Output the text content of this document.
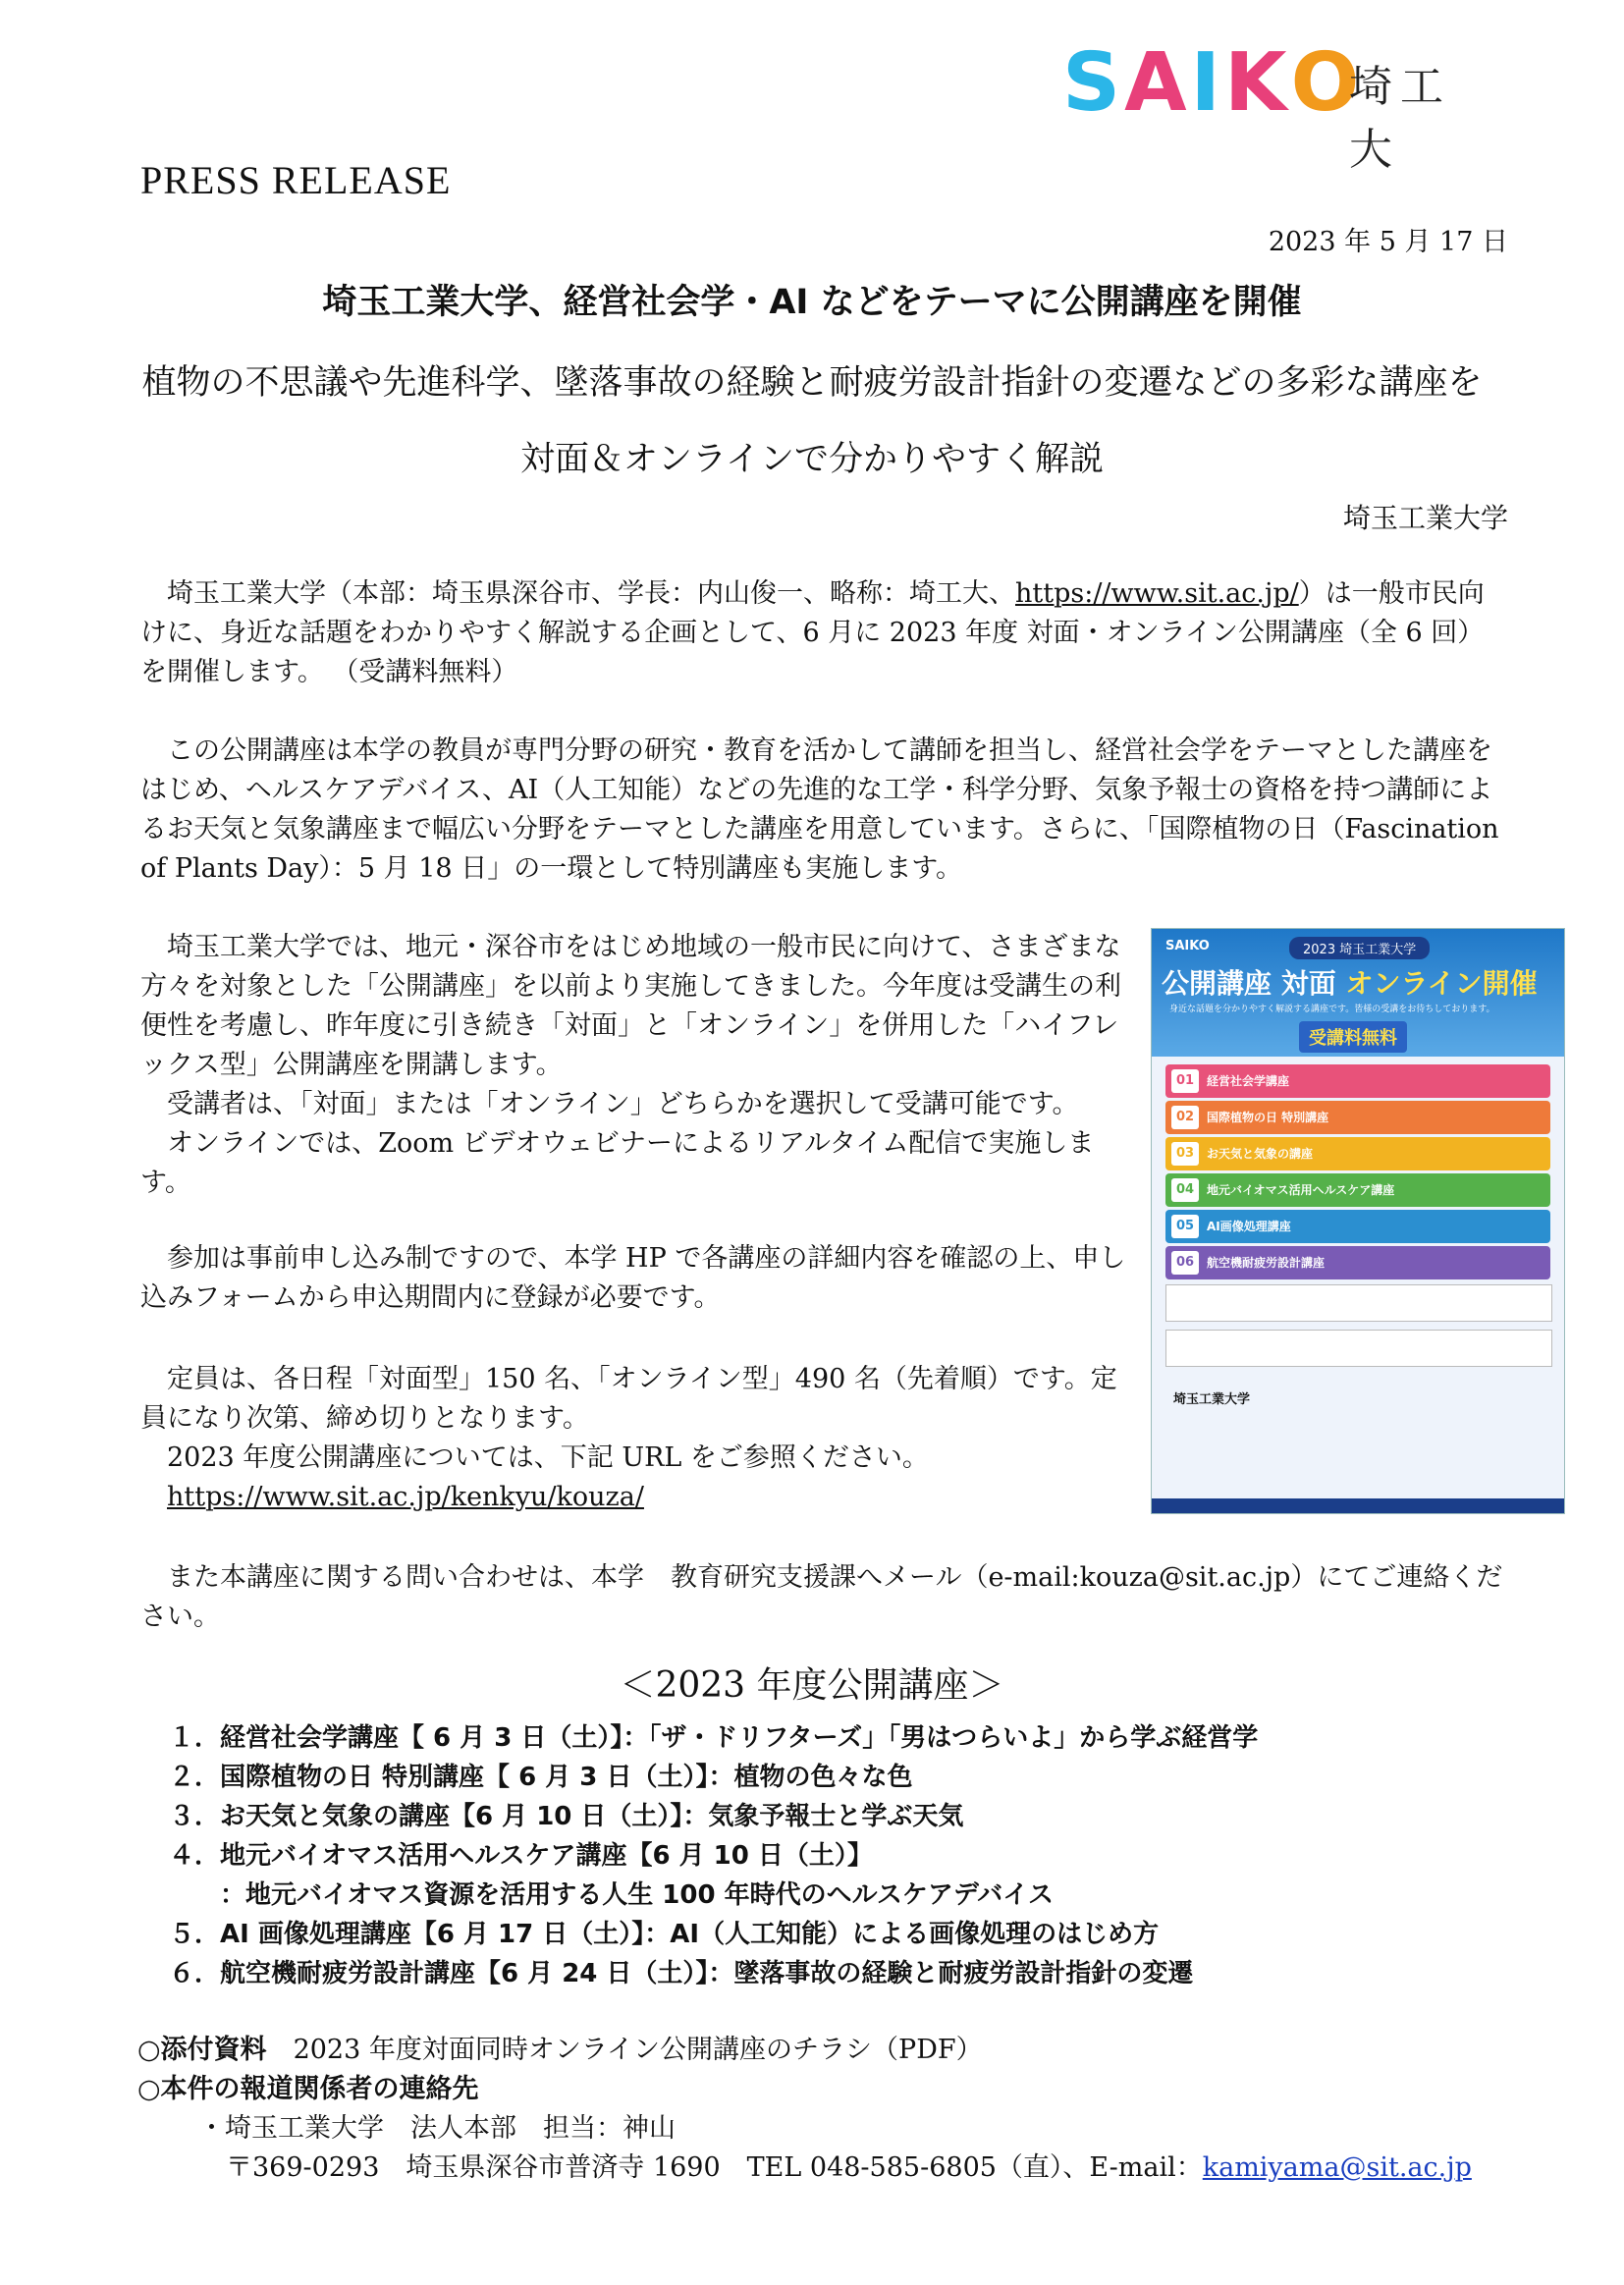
SAIKO
埼工大
PRESS RELEASE
2023 年 5 月 17 日
埼玉工業大学、経営社会学・AI などをテーマに公開講座を開催
植物の不思議や先進科学、墜落事故の経験と耐疲労設計指針の変遷などの多彩な講座を
対面＆オンラインで分かりやすく解説
埼玉工業大学
　埼玉工業大学（本部：埼玉県深谷市、学長：内山俊一、略称：埼工大、https://www.sit.ac.jp/）は一般市民向けに、身近な話題をわかりやすく解説する企画として、6 月に 2023 年度 対面・オンライン公開講座（全 6 回）を開催します。 （受講料無料）
　この公開講座は本学の教員が専門分野の研究・教育を活かして講師を担当し、経営社会学をテーマとした講座をはじめ、ヘルスケアデバイス、AI（人工知能）などの先進的な工学・科学分野、気象予報士の資格を持つ講師によるお天気と気象講座まで幅広い分野をテーマとした講座を用意しています。さらに、「国際植物の日（Fascination of Plants Day）：5 月 18 日」の一環として特別講座も実施します。
　埼玉工業大学では、地元・深谷市をはじめ地域の一般市民に向けて、さまざまな方々を対象とした「公開講座」を以前より実施してきました。今年度は受講生の利便性を考慮し、昨年度に引き続き「対面」と「オンライン」を併用した「ハイフレックス型」公開講座を開講します。
　受講者は、「対面」または「オンライン」どちらかを選択して受講可能です。
　オンラインでは、Zoom ビデオウェビナーによるリアルタイム配信で実施します。
　参加は事前申し込み制ですので、本学 HP で各講座の詳細内容を確認の上、申し込みフォームから申込期間内に登録が必要です。
　定員は、各日程「対面型」150 名、「オンライン型」490 名（先着順）です。定員になり次第、締め切りとなります。
　2023 年度公開講座については、下記 URL をご参照ください。
　https://www.sit.ac.jp/kenkyu/kouza/
　また本講座に関する問い合わせは、本学　教育研究支援課へメール（e-mail:kouza@sit.ac.jp）にてご連絡ください。
SAIKO	2023 埼玉工業大学
公開講座 対面 オンライン開催
身近な話題を分かりやすく解説する講座です。皆様の受講をお待ちしております。
受講料無料
01	経営社会学講座
02	国際植物の日 特別講座
03	お天気と気象の講座
04	地元バイオマス活用ヘルスケア講座
05	AI画像処理講座
06	航空機耐疲労設計講座
埼玉工業大学
＜2023 年度公開講座＞
１．経営社会学講座【 6 月 3 日（土）】：「ザ・ドリフターズ」「男はつらいよ」から学ぶ経営学
２．国際植物の日 特別講座【 6 月 3 日（土）】：植物の色々な色
３．お天気と気象の講座【6 月 10 日（土）】：気象予報士と学ぶ天気
４．地元バイオマス活用ヘルスケア講座【6 月 10 日（土）】
　　：地元バイオマス資源を活用する人生 100 年時代のヘルスケアデバイス
５．AI 画像処理講座【6 月 17 日（土）】：AI（人工知能）による画像処理のはじめ方
６．航空機耐疲労設計講座【6 月 24 日（土）】：墜落事故の経験と耐疲労設計指針の変遷
○添付資料　 2023 年度対面同時オンライン公開講座のチラシ（PDF）
○本件の報道関係者の連絡先
・埼玉工業大学　法人本部　担当：神山
〒369-0293　埼玉県深谷市普済寺 1690　TEL 048-585-6805（直）、E-mail：kamiyama@sit.ac.jp
